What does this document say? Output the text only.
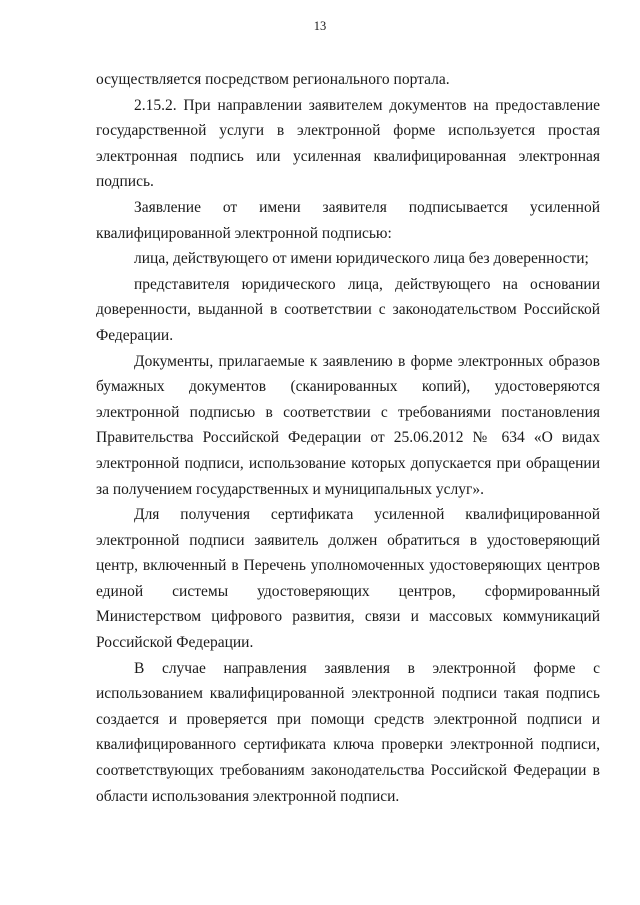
13

осуществляется посредством регионального портала.

2.15.2. При направлении заявителем документов на предоставление государственной услуги в электронной форме используется простая электронная подпись или усиленная квалифицированная электронная подпись.

Заявление от имени заявителя подписывается усиленной квалифицированной электронной подписью:

лица, действующего от имени юридического лица без доверенности;

представителя юридического лица, действующего на основании доверенности, выданной в соответствии с законодательством Российской Федерации.

Документы, прилагаемые к заявлению в форме электронных образов бумажных документов (сканированных копий), удостоверяются электронной подписью в соответствии с требованиями постановления Правительства Российской Федерации от 25.06.2012 № 634 «О видах электронной подписи, использование которых допускается при обращении за получением государственных и муниципальных услуг».

Для получения сертификата усиленной квалифицированной электронной подписи заявитель должен обратиться в удостоверяющий центр, включенный в Перечень уполномоченных удостоверяющих центров единой системы удостоверяющих центров, сформированный Министерством цифрового развития, связи и массовых коммуникаций Российской Федерации.

В случае направления заявления в электронной форме с использованием квалифицированной электронной подписи такая подпись создается и проверяется при помощи средств электронной подписи и квалифицированного сертификата ключа проверки электронной подписи, соответствующих требованиям законодательства Российской Федерации в области использования электронной подписи.
